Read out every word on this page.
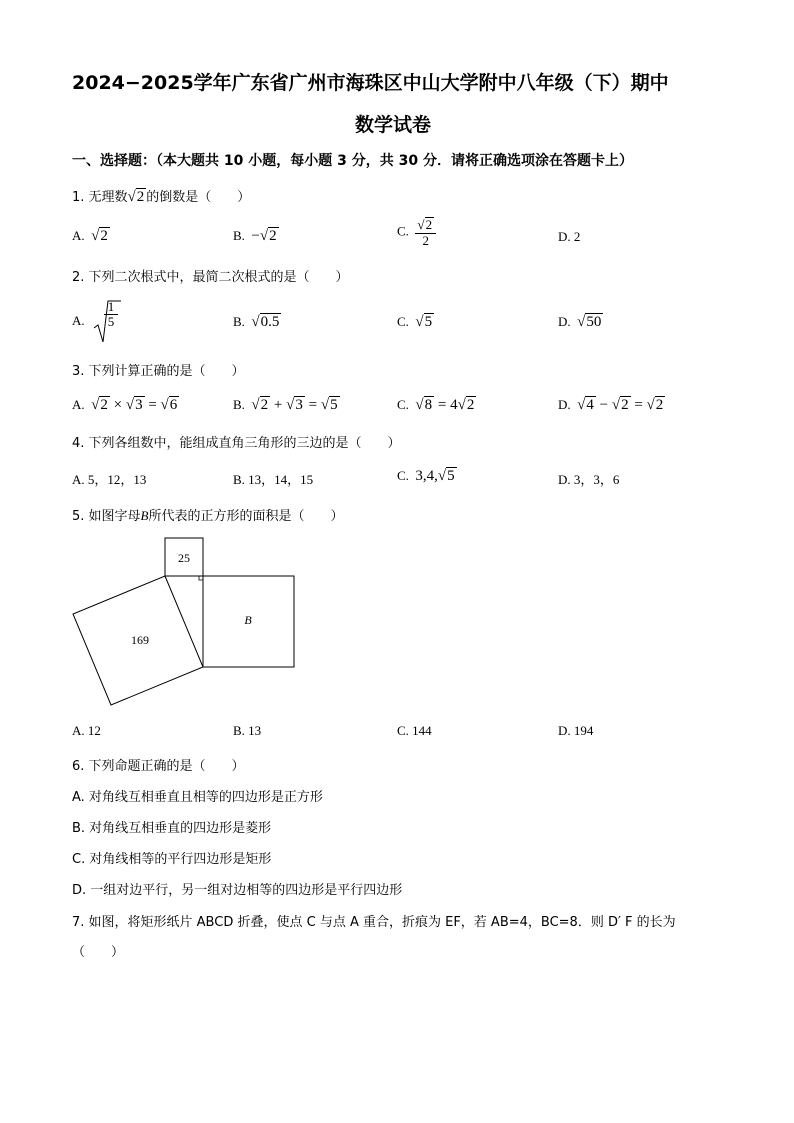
2024−2025学年广东省广州市海珠区中山大学附中八年级（下）期中
数学试卷
一、选择题：（本大题共 10 小题，每小题 3 分，共 30 分．请将正确选项涂在答题卡上）
1. 无理数√2 的倒数是（　　）
A. √2	B. −√2	C. $\frac{√2}{2}$	D. 2
2. 下列二次根式中，最简二次根式的是（　　）
A.
1
5	B. √0.5	C. √5	D. √50
3. 下列计算正确的是（　　）
A. √2 × √3 = √6	B. √2 + √3 = √5	C. √8 = 4√2	D. √4 − √2 = √2
4. 下列各组数中，能组成直角三角形的三边的是（　　）
A. 5，12，13	B. 13，14，15	C. 3,4,√5	D. 3，3，6
5. 如图字母B所代表的正方形的面积是（　　）
25
169
B
A. 12	B. 13	C. 144	D. 194
6. 下列命题正确的是（　　）
A. 对角线互相垂直且相等的四边形是正方形
B. 对角线互相垂直的四边形是菱形
C. 对角线相等的平行四边形是矩形
D. 一组对边平行，另一组对边相等的四边形是平行四边形
7. 如图，将矩形纸片 ABCD 折叠，使点 C 与点 A 重合，折痕为 EF，若 AB=4，BC=8．则 D′ F 的长为
（　　）
